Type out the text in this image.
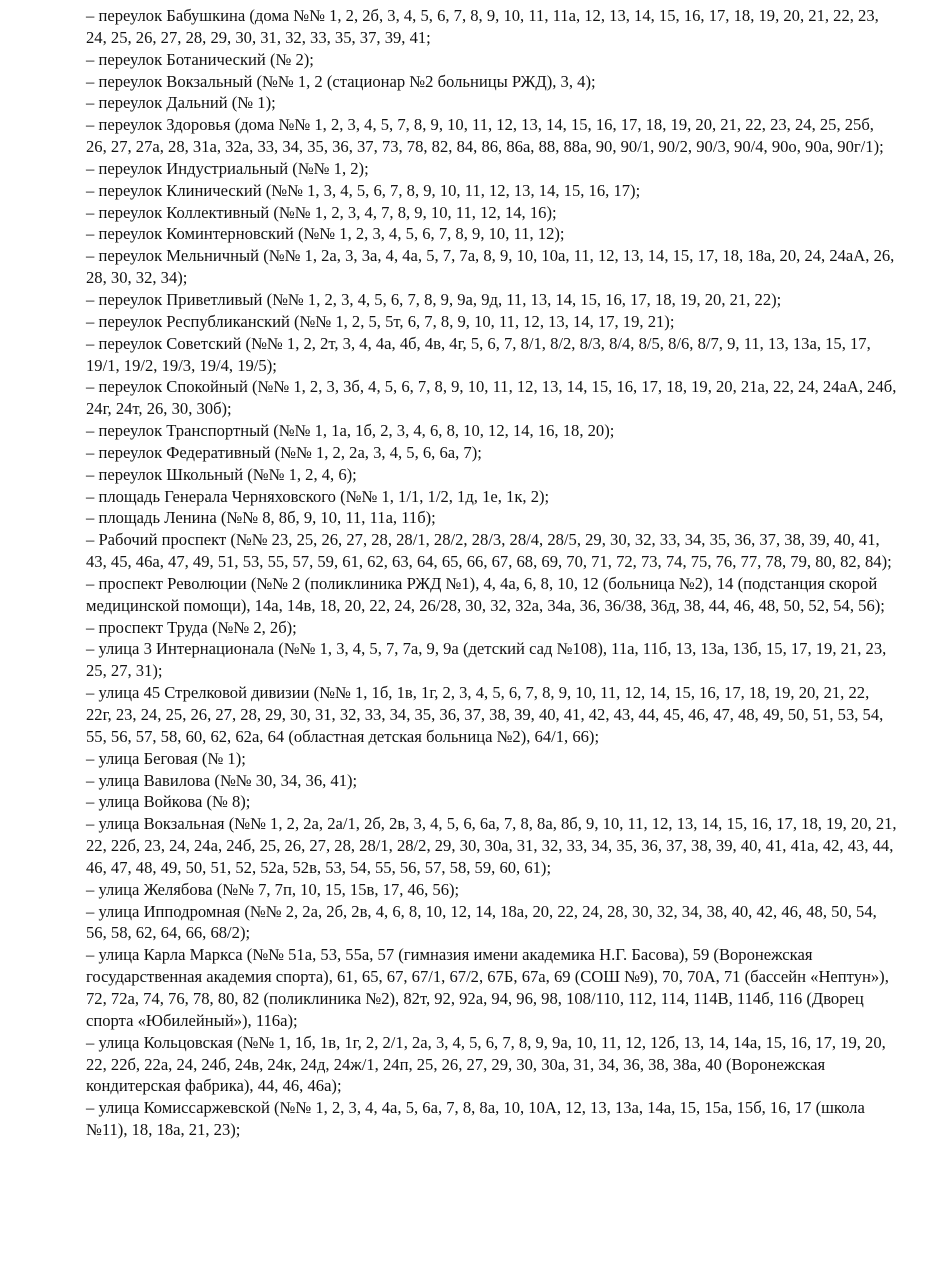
– переулок Бабушкина (дома №№ 1, 2, 2б, 3, 4, 5, 6, 7, 8, 9, 10, 11, 11а, 12, 13, 14, 15, 16, 17, 18, 19, 20, 21, 22, 23, 24, 25, 26, 27, 28, 29, 30, 31, 32, 33, 35, 37, 39, 41;

– переулок Ботанический (№ 2);

– переулок Вокзальный (№№ 1, 2 (стационар №2 больницы РЖД), 3, 4);

– переулок Дальний (№ 1);

– переулок Здоровья (дома №№ 1, 2, 3, 4, 5, 7, 8, 9, 10, 11, 12, 13, 14, 15, 16, 17, 18, 19, 20, 21, 22, 23, 24, 25, 25б, 26, 27, 27а, 28, 31а, 32а, 33, 34, 35, 36, 37, 73, 78, 82, 84, 86, 86а, 88, 88а, 90, 90/1, 90/2, 90/3, 90/4, 90о, 90а, 90г/1);

– переулок Индустриальный (№№ 1, 2);

– переулок Клинический (№№ 1, 3, 4, 5, 6, 7, 8, 9, 10, 11, 12, 13, 14, 15, 16, 17);

– переулок Коллективный (№№ 1, 2, 3, 4, 7, 8, 9, 10, 11, 12, 14, 16);

– переулок Коминтерновский (№№ 1, 2, 3, 4, 5, 6, 7, 8, 9, 10, 11, 12);

– переулок Мельничный (№№ 1, 2а, 3, 3а, 4, 4а, 5, 7, 7а, 8, 9, 10, 10а, 11, 12, 13, 14, 15, 17, 18, 18а, 20, 24, 24аА, 26, 28, 30, 32, 34);

– переулок Приветливый (№№ 1, 2, 3, 4, 5, 6, 7, 8, 9, 9а, 9д, 11, 13, 14, 15, 16, 17, 18, 19, 20, 21, 22);

– переулок Республиканский (№№ 1, 2, 5, 5т, 6, 7, 8, 9, 10, 11, 12, 13, 14, 17, 19, 21);

– переулок Советский (№№ 1, 2, 2т, 3, 4, 4а, 4б, 4в, 4г, 5, 6, 7, 8/1, 8/2, 8/3, 8/4, 8/5, 8/6, 8/7, 9, 11, 13, 13а, 15, 17, 19/1, 19/2, 19/3, 19/4, 19/5);

– переулок Спокойный (№№ 1, 2, 3, 3б, 4, 5, 6, 7, 8, 9, 10, 11, 12, 13, 14, 15, 16, 17, 18, 19, 20, 21а, 22, 24, 24аА, 24б, 24г, 24т, 26, 30, 30б);

– переулок Транспортный (№№ 1, 1а, 1б, 2, 3, 4, 6, 8, 10, 12, 14, 16, 18, 20);

– переулок Федеративный (№№ 1, 2, 2а, 3, 4, 5, 6, 6а, 7);

– переулок Школьный (№№ 1, 2, 4, 6);

– площадь Генерала Черняховского (№№ 1, 1/1, 1/2, 1д, 1е, 1к, 2);

– площадь Ленина (№№ 8, 8б, 9, 10, 11, 11а, 11б);

– Рабочий проспект (№№ 23, 25, 26, 27, 28, 28/1, 28/2, 28/3, 28/4, 28/5, 29, 30, 32, 33, 34, 35, 36, 37, 38, 39, 40, 41, 43, 45, 46а, 47, 49, 51, 53, 55, 57, 59, 61, 62, 63, 64, 65, 66, 67, 68, 69, 70, 71, 72, 73, 74, 75, 76, 77, 78, 79, 80, 82, 84);

– проспект Революции (№№ 2 (поликлиника РЖД №1), 4, 4а, 6, 8, 10, 12 (больница №2), 14 (подстанция скорой медицинской помощи), 14а, 14в, 18, 20, 22, 24, 26/28, 30, 32, 32а, 34а, 36, 36/38, 36д, 38, 44, 46, 48, 50, 52, 54, 56);

– проспект Труда (№№ 2, 2б);

– улица 3 Интернационала (№№ 1, 3, 4, 5, 7, 7а, 9, 9а (детский сад №108), 11а, 11б, 13, 13а, 13б, 15, 17, 19, 21, 23, 25, 27, 31);

– улица 45 Стрелковой дивизии (№№ 1, 1б, 1в, 1г, 2, 3, 4, 5, 6, 7, 8, 9, 10, 11, 12, 14, 15, 16, 17, 18, 19, 20, 21, 22, 22г, 23, 24, 25, 26, 27, 28, 29, 30, 31, 32, 33, 34, 35, 36, 37, 38, 39, 40, 41, 42, 43, 44, 45, 46, 47, 48, 49, 50, 51, 53, 54, 55, 56, 57, 58, 60, 62, 62а, 64 (областная детская больница №2), 64/1, 66);

– улица Беговая (№ 1);

– улица Вавилова (№№ 30, 34, 36, 41);

– улица Войкова (№ 8);

– улица Вокзальная (№№ 1, 2, 2а, 2а/1, 2б, 2в, 3, 4, 5, 6, 6а, 7, 8, 8а, 8б, 9, 10, 11, 12, 13, 14, 15, 16, 17, 18, 19, 20, 21, 22, 22б, 23, 24, 24а, 24б, 25, 26, 27, 28, 28/1, 28/2, 29, 30, 30а, 31, 32, 33, 34, 35, 36, 37, 38, 39, 40, 41, 41а, 42, 43, 44, 46, 47, 48, 49, 50, 51, 52, 52а, 52в, 53, 54, 55, 56, 57, 58, 59, 60, 61);

– улица Желябова (№№ 7, 7п, 10, 15, 15в, 17, 46, 56);

– улица Ипподромная (№№ 2, 2а, 2б, 2в, 4, 6, 8, 10, 12, 14, 18а, 20, 22, 24, 28, 30, 32, 34, 38, 40, 42, 46, 48, 50, 54, 56, 58, 62, 64, 66, 68/2);

– улица Карла Маркса (№№ 51а, 53, 55а, 57 (гимназия имени академика Н.Г. Басова), 59 (Воронежская государственная академия спорта), 61, 65, 67, 67/1, 67/2, 67Б, 67а, 69 (СОШ №9), 70, 70А, 71 (бассейн «Нептун»), 72, 72а, 74, 76, 78, 80, 82 (поликлиника №2), 82т, 92, 92а, 94, 96, 98, 108/110, 112, 114, 114В, 114б, 116 (Дворец спорта «Юбилейный»), 116а);

– улица Кольцовская (№№ 1, 1б, 1в, 1г, 2, 2/1, 2а, 3, 4, 5, 6, 7, 8, 9, 9а, 10, 11, 12, 12б, 13, 14, 14а, 15, 16, 17, 19, 20, 22, 22б, 22а, 24, 24б, 24в, 24к, 24д, 24ж/1, 24п, 25, 26, 27, 29, 30, 30а, 31, 34, 36, 38, 38а, 40 (Воронежская кондитерская фабрика), 44, 46, 46а);

– улица Комиссаржевской (№№ 1, 2, 3, 4, 4а, 5, 6а, 7, 8, 8а, 10, 10А, 12, 13, 13а, 14а, 15, 15а, 15б, 16, 17 (школа №11), 18, 18а, 21, 23);
